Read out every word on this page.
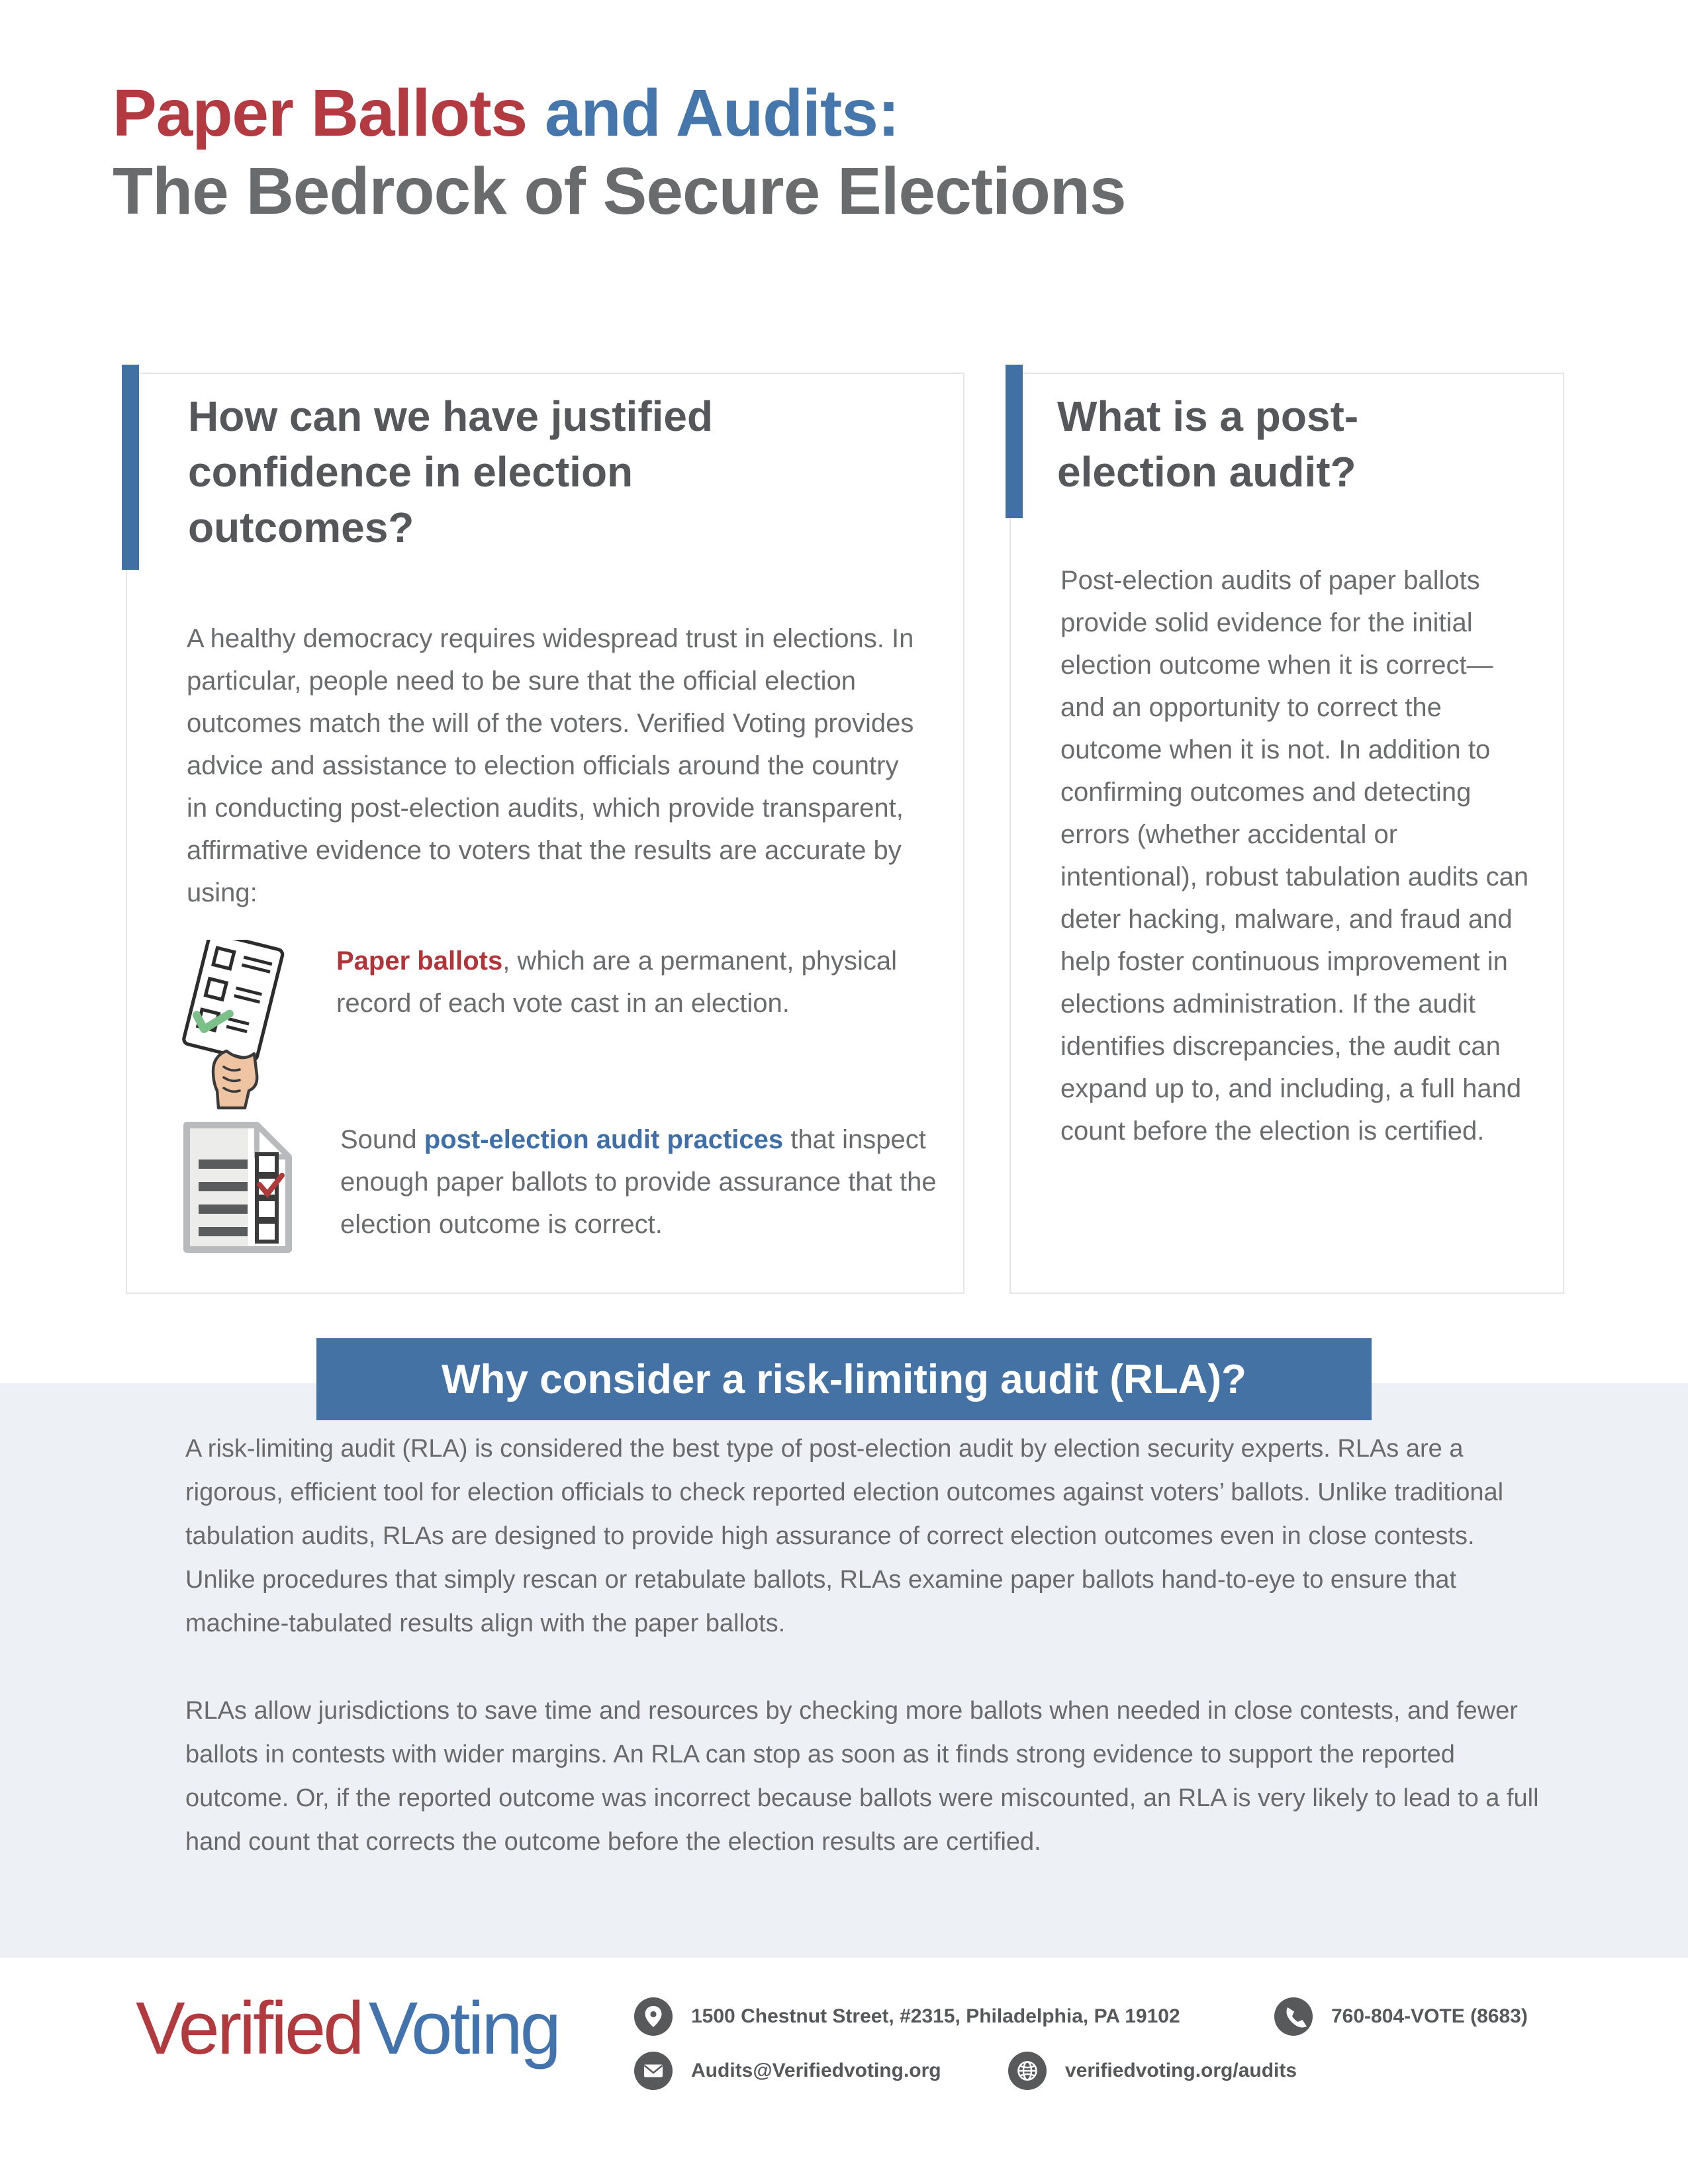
Paper Ballots and Audits:
The Bedrock of Secure Elections
How can we have justified confidence in election outcomes?
A healthy democracy requires widespread trust in elections. In particular, people need to be sure that the official election outcomes match the will of the voters. Verified Voting provides advice and assistance to election officials around the country in conducting post-election audits, which provide transparent, affirmative evidence to voters that the results are accurate by using:
Paper ballots, which are a permanent, physical record of each vote cast in an election.
Sound post-election audit practices that inspect enough paper ballots to provide assurance that the election outcome is correct.
What is a post-election audit?
Post-election audits of paper ballots provide solid evidence for the initial election outcome when it is correct—and an opportunity to correct the outcome when it is not. In addition to confirming outcomes and detecting errors (whether accidental or intentional), robust tabulation audits can deter hacking, malware, and fraud and help foster continuous improvement in elections administration. If the audit identifies discrepancies, the audit can expand up to, and including, a full hand count before the election is certified.
A risk-limiting audit (RLA) is considered the best type of post-election audit by election security experts. RLAs are a rigorous, efficient tool for election officials to check reported election outcomes against voters’ ballots. Unlike traditional tabulation audits, RLAs are designed to provide high assurance of correct election outcomes even in close contests. Unlike procedures that simply rescan or retabulate ballots, RLAs examine paper ballots hand-to-eye to ensure that machine-tabulated results align with the paper ballots.
RLAs allow jurisdictions to save time and resources by checking more ballots when needed in close contests, and fewer ballots in contests with wider margins. An RLA can stop as soon as it finds strong evidence to support the reported outcome. Or, if the reported outcome was incorrect because ballots were miscounted, an RLA is very likely to lead to a full hand count that corrects the outcome before the election results are certified.
Why consider a risk-limiting audit (RLA)?
VerifiedVoting	1500 Chestnut Street, #2315, Philadelphia, PA 19102	760-804-VOTE (8683)
Audits@Verifiedvoting.org	verifiedvoting.org/audits
